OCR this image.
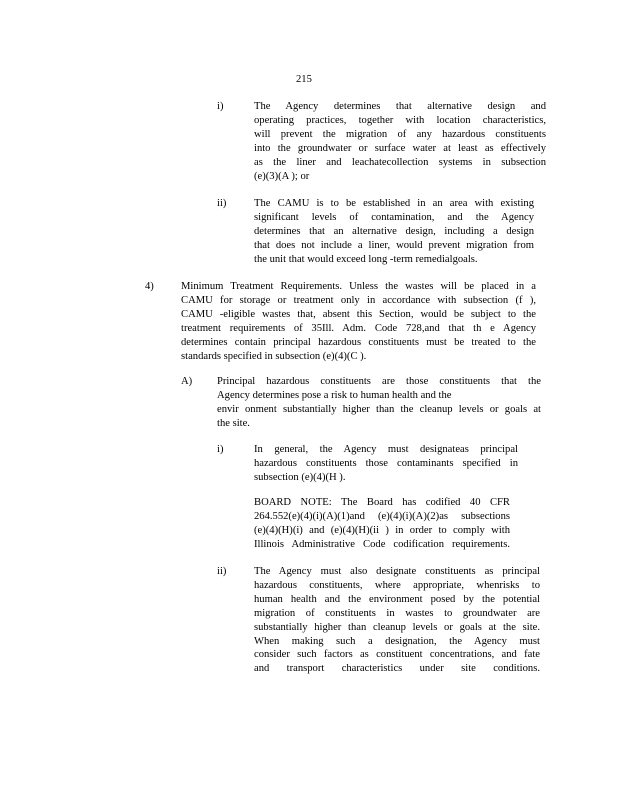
215
i)	The Agency determines that alternative design and
operating practices, together with location characteristics,
will prevent the migration of any hazardous constituents
into the groundwater or surface water at least as effectively
as the liner and leachatecollection systems in subsection
(e)(3)(A ); or
ii)	The CAMU is to be established in an area with existing
significant levels of contamination, and the Agency
determines that an alternative design, including a design
that does not include a liner, would prevent migration from
the unit that would exceed long -term remedialgoals.
4)	Minimum Treatment Requirements. Unless the wastes will be placed in a
CAMU for storage or treatment only in accordance with subsection (f ),
CAMU -eligible wastes that, absent this Section, would be subject to the
treatment requirements of 35Ill. Adm. Code 728,and that th e Agency
determines contain principal hazardous constituents must be treated to the
standards specified in subsection (e)(4)(C ).
A) Principal hazardous constituents are those constituents that the
Agency determines pose a risk to human health and the
envir onment substantially higher than the cleanup levels or goals at
the site.
i)	In general, the Agency must designateas principal
hazardous constituents those contaminants specified in
subsection (e)(4)(H ).
BOARD NOTE: The Board has codified 40 CFR
264.552(e)(4)(i)(A)(1)and (e)(4)(i)(A)(2)as subsections
(e)(4)(H)(i) and (e)(4)(H)(ii ) in order to comply with
Illinois Administrative Code codification requirements.
ii)	The Agency must also designate constituents as principal
hazardous constituents, where appropriate, whenrisks to
human health and the environment posed by the potential
migration of constituents in wastes to groundwater are
substantially higher than cleanup levels or goals at the site.
When making such a designation, the Agency must
consider such factors as constituent concentrations, and fate
and transport characteristics under site conditions.
